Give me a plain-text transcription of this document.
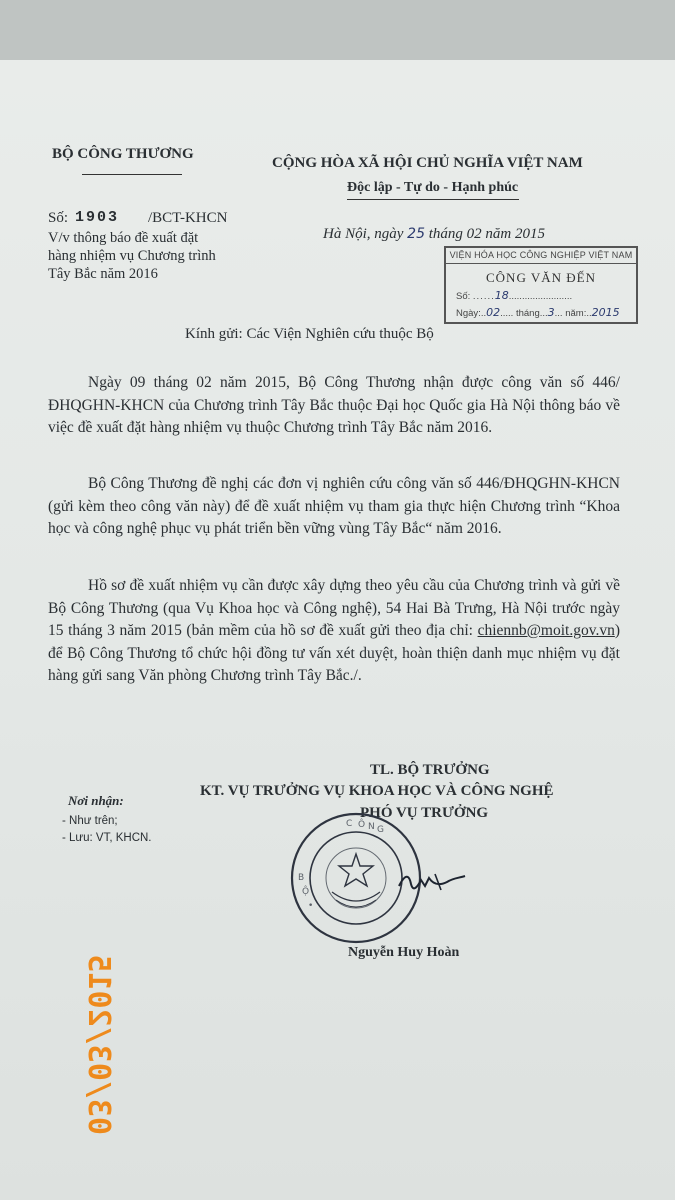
BỘ CÔNG THƯƠNG
CỘNG HÒA XÃ HỘI CHỦ NGHĨA VIỆT NAM
Độc lập - Tự do - Hạnh phúc
Số: 1903 /BCT-KHCN
V/v thông báo đề xuất đặt
hàng nhiệm vụ Chương trình
Tây Bắc năm 2016
Hà Nội, ngày 25 tháng 02 năm 2015
VIỆN HÓA HỌC CÔNG NGHIỆP VIỆT NAM
CÔNG VĂN ĐẾN
Số: ......18........................
Ngày:..02..... tháng...3... năm:..2015
Kính gửi: Các Viện Nghiên cứu thuộc Bộ
Ngày 09 tháng 02 năm 2015, Bộ Công Thương nhận được công văn số 446/ĐHQGHN-KHCN của Chương trình Tây Bắc thuộc Đại học Quốc gia Hà Nội thông báo về việc đề xuất đặt hàng nhiệm vụ thuộc Chương trình Tây Bắc năm 2016.
Bộ Công Thương đề nghị các đơn vị nghiên cứu công văn số 446/ĐHQGHN-KHCN (gửi kèm theo công văn này) để đề xuất nhiệm vụ tham gia thực hiện Chương trình “Khoa học và công nghệ phục vụ phát triển bền vững vùng Tây Bắc“ năm 2016.
Hồ sơ đề xuất nhiệm vụ cần được xây dựng theo yêu cầu của Chương trình và gửi về Bộ Công Thương (qua Vụ Khoa học và Công nghệ), 54 Hai Bà Trưng, Hà Nội trước ngày 15 tháng 3 năm 2015 (bản mềm của hồ sơ đề xuất gửi theo địa chỉ: chiennb@moit.gov.vn) để Bộ Công Thương tổ chức hội đồng tư vấn xét duyệt, hoàn thiện danh mục nhiệm vụ đặt hàng gửi sang Văn phòng Chương trình Tây Bắc./.
TL. BỘ TRƯỞNG
KT. VỤ TRƯỞNG VỤ KHOA HỌC VÀ CÔNG NGHỆ
PHÓ VỤ TRƯỞNG
Nơi nhận:
- Như trên;
- Lưu: VT, KHCN.
C Ô N G
B
Ộ
•
Nguyễn Huy Hoàn
03/03/2015
